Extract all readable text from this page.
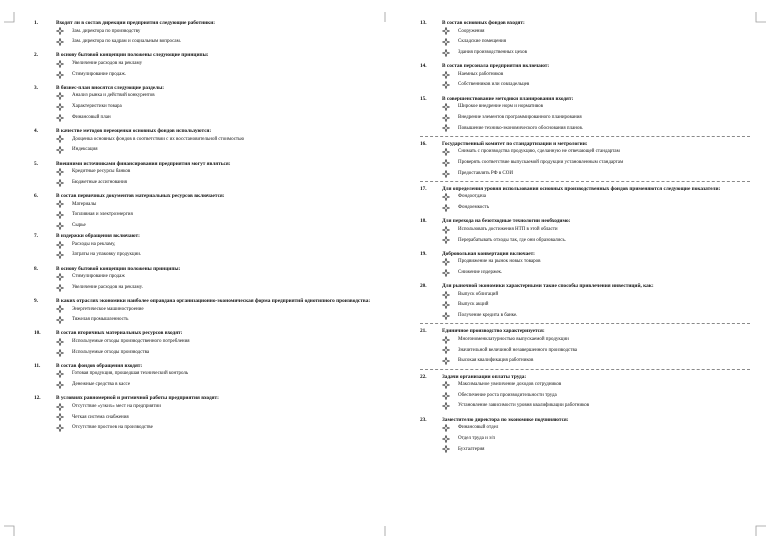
1.	Входят ли в состав дирекции предприятия следующие работники:
Зам. директора по производству
Зам. директора по кадрам и социальным вопросам.
2.	В основу бытовой концепции положены следующие принципы:
Увеличение расходов на рекламу
Стимулирование продаж.
3.	В бизнес-план вносятся следующие разделы:
Анализ рынка и действий конкурентов
Характеристики товара
Финансовый план
4.	В качестве методов переоценки основных фондов используются:
Дооценка основных фондов в соответствии с их восстановительной стоимостью
Индексация
5.	Внешними источниками финансирования предприятия могут являться:
Кредитные ресурсы банков
Бюджетные ассигнования
6.	В состав первичных документов материальных ресурсов включается:
Материалы
Топливная и электроэнергия
Сырье
7.	В издержки обращения включают:
Расходы на рекламу,
Затраты на упаковку продукции.
8.	В основу бытовой концепции положены принципы:
Стимулирование продаж
Увеличение расходов на рекламу.
9.	В каких отраслях экономики наиболее оправдана организационно-экономическая форма предприятий однотипного производства:
Энергетическое машиностроение
Тяжелая промышленность
10.	В состав вторичных материальных ресурсов входят:
Используемые отходы производственного потребления
Используемые отходы производства
11.	В состав фондов обращения входят:
Готовая продукция, прошедшая технический контроль
Денежные средства в кассе
12.	В условиях равномерной и ритмичной работы предприятия входят:
Отсутствие «узких» мест на предприятии
Четкая система снабжения
Отсутствие простоев на производстве
13.	В состав основных фондов входят:
Сооружения
Складские помещения
Здания производственных цехов
14.	В состав персонала предприятия включают:
Наемных работников
Собственников или совладельцев
15.	В совершенствование методики планирования входят:
Широкое внедрение норм и нормативов
Внедрение элементов программированного планирования
Повышение технико-экономического обоснования планов.
16.	Государственный комитет по стандартизации и метрологии:
Снимать с производства продукцию, сделанную не отвечающей стандартам
Проверять соответствие выпускаемой продукции установленным стандартам
Предоставлять РФ в СОИ
17.	Для определения уровня использования основных производственных фондов применяются следующие показатели:
Фондоотдача
Фондоемкость
18.	Для перехода на безотходные технологии необходимо:
Использовать достижения НТП в этой области
Перерабатывать отходы так, где они образовались.
19.	Добровольная конвертация включает:
Продвижение на рынок новых товаров
Снижение издержек.
20.	Для рыночной экономики характерными такие способы привлечения инвестиций, как:
Выпуск облигаций
Выпуск акций
Получение кредита в банке.
21.	Единичное производство характеризуется:
Многономенклатурностью выпускаемой продукции
Значительной величиной незавершенного производства
Высокая квалификация работников
22.	Задачи организации оплаты труда:
Максимальное увеличение доходов сотрудников
Обеспечение роста производительности труда
Установление зависимости уровня квалификации работников
23.	Заместителю директора по экономике подчиняются:
Финансовый отдел
Отдел труда и з/п
Бухгалтерия
